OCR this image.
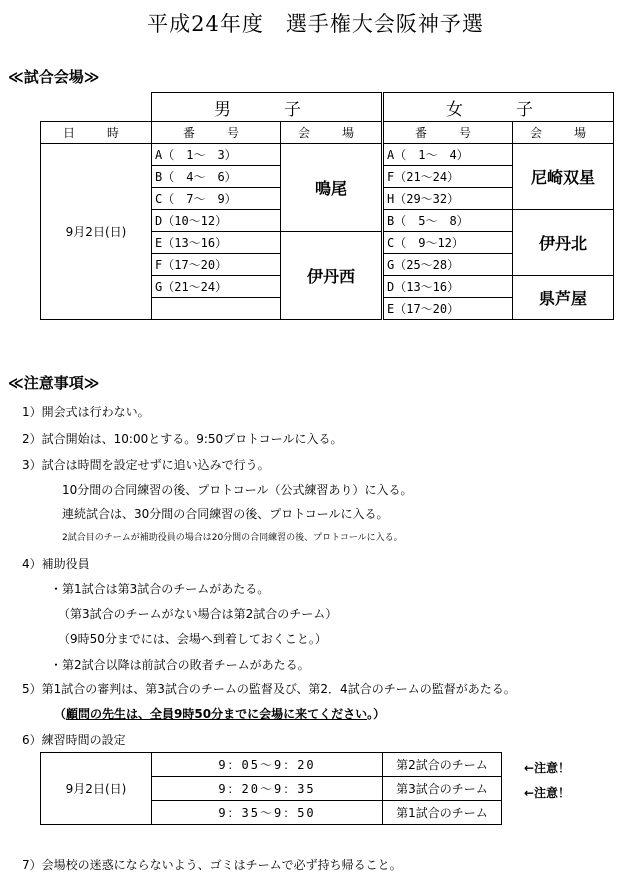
平成24年度　選手権大会阪神予選
≪試合会場≫
	男　子		女　子	
日　時	番　号	会　場	番　号	会　場
9月2日(日)	A（　1～　3）	鳴尾	A（　1～　4）	尼崎双星
	B（　4～　6）		F（21～24）	
	C（　7～　9）		H（29～32）	
	D（10～12）		B（　5～　8）	伊丹北
	E（13～16）	伊丹西	C（　9～12）	
	F（17～20）		G（25～28）	
	G（21～24）		D（13～16）	県芦屋
			E（17～20）	
≪注意事項≫
1）開会式は行わない。
2）試合開始は、10:00とする。9:50プロトコールに入る。
3）試合は時間を設定せずに追い込みで行う。
10分間の合同練習の後、プロトコール（公式練習あり）に入る。
連続試合は、30分間の合同練習の後、プロトコールに入る。
2試合目のチームが補助役員の場合は20分間の合同練習の後、プロトコールに入る。
4）補助役員
・第1試合は第3試合のチームがあたる。
（第3試合のチームがない場合は第2試合のチーム）
（9時50分までには、会場へ到着しておくこと。）
・第2試合以降は前試合の敗者チームがあたる。
5）第1試合の審判は、第3試合のチームの監督及び、第2．4試合のチームの監督があたる。
（顧問の先生は、全員9時50分までに会場に来てください。）
6）練習時間の設定
9月2日(日)	9：05～9：20	第2試合のチーム
	9：20～9：35	第3試合のチーム
	9：35～9：50	第1試合のチーム
←注意！
←注意！
7）会場校の迷惑にならないよう、ゴミはチームで必ず持ち帰ること。
